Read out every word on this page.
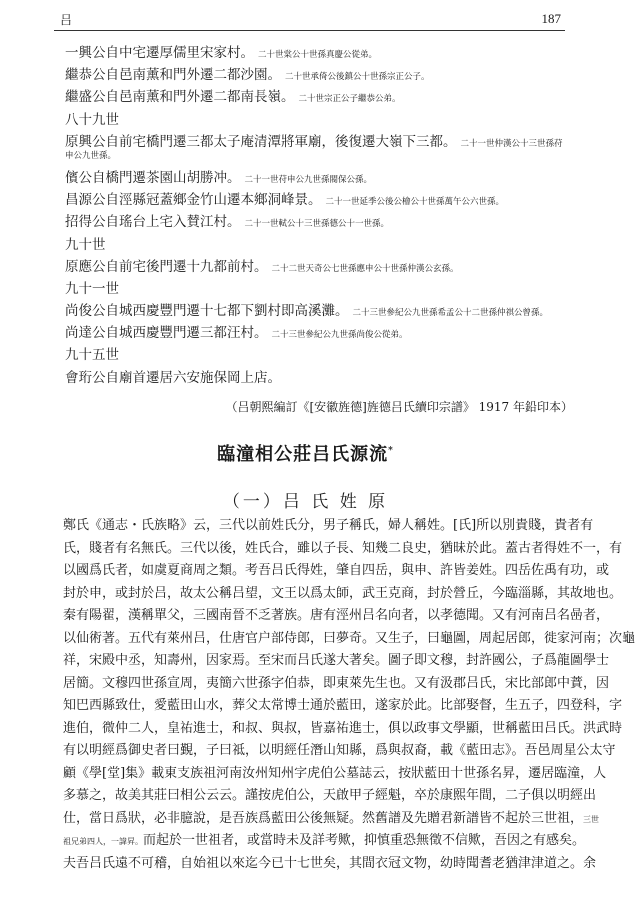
吕	187
一興公自中宅遷厚儒里宋家村。 二十世棠公十世孫真慶公從弟。
繼恭公自邑南薰和門外遷二都沙園。 二十世承倚公後鎮公十世孫宗正公子。
繼盛公自邑南薰和門外遷二都南長嶺。 二十世宗正公子繼恭公弟。
八十九世
原興公自前宅橋門遷三都太子庵清潭將軍廟，後復遷大嶺下三都。 二十一世仲漢公十三世孫苻
申公九世孫。
儐公自橋門遷茶園山胡勝冲。 二十一世苻申公九世孫閥保公孫。
昌源公自涇縣冠蓋鄉金竹山遷本鄉洞峰景。 二十一世延季公後公檜公十世孫萬午公六世孫。
招得公自瑤台上宅入賛江村。 二十一世軾公十三世孫德公十一世孫。
九十世
原應公自前宅後門遷十九都前村。 二十二世天奇公七世孫應申公十世孫仲漢公玄孫。
九十一世
尚俊公自城西慶豐門遷十七都下劉村即高溪灘。 二十三世參紀公九世孫希孟公十二世孫仲祺公曾孫。
尚達公自城西慶豐門遷三都汪村。 二十三世參紀公九世孫尚俊公從弟。
九十五世
會珩公自廟首遷居六安施保岡上店。
（吕朝熙編訂《[安徽旌德]旌德吕氏續印宗譜》 1917 年鉛印本）
臨潼相公莊吕氏源流*
（一）吕 氏 姓 原
鄭氏《通志・氏族略》云，三代以前姓氏分，男子稱氏，婦人稱姓。[氏]所以別貴賤，貴者有
氏，賤者有名無氏。三代以後，姓氏合，雖以子長、知幾二良史，猶昧於此。蓋古者得姓不一，有
以國爲氏者，如虞夏商周之類。考吾吕氏得姓，肇自四岳，與申、許皆姜姓。四岳佐禹有功，或
封於申，或封於吕，故太公稱吕望，文王以爲太師，武王克商，封於營丘，今臨淄縣，其故地也。
秦有陽翟，漢稱單父，三國南晉不乏著族。唐有涇州吕名向者，以孝德聞。又有河南吕名喦者，
以仙術著。五代有萊州吕，仕唐官户部侍郎，曰夢奇。又生子，曰龜圖，周起居郎，徙家河南；次龜
祥，宋殿中丞，知壽州，因家焉。至宋而吕氏遂大著矣。圖子即文穆，封許國公，子爲龍圖學士
居簡。文穆四世孫宣周，夷簡六世孫字伯恭，即東萊先生也。又有汲郡吕氏，宋比部郎中蕡，因
知巴西縣致仕，愛藍田山水，葬父太常博士通於藍田，遂家於此。比部娶督，生五子，四登科，字
進伯，微仲二人，皇祐進士，和叔、與叔，皆嘉祐進士，俱以政事文學顯，世稱藍田吕氏。洪武時
有以明經爲御史者曰覲，子曰祗，以明經任潛山知縣，爲與叔裔，載《藍田志》。吾邑周星公太守
顧《學[堂]集》載東支族祖河南汝州知州字虎伯公墓誌云，按狀藍田十世孫名昇，遷居臨潼，人
多慕之，故美其莊曰相公云云。謹按虎伯公，天啟甲子經魁，卒於康熙年間，二子俱以明經出
仕，當日爲狀，必非臆說，是吾族爲藍田公後無疑。然舊譜及先贈君新譜皆不起於三世祖，三世
祖兄弟四人，一諱昇。而起於一世祖者，或當時未及詳考歟，抑慎重恐無徵不信歟，吾因之有感矣。
夫吾吕氏遠不可稽，自始祖以來迄今已十七世矣，其間衣冠文物，幼時聞耆老猶津津道之。余
